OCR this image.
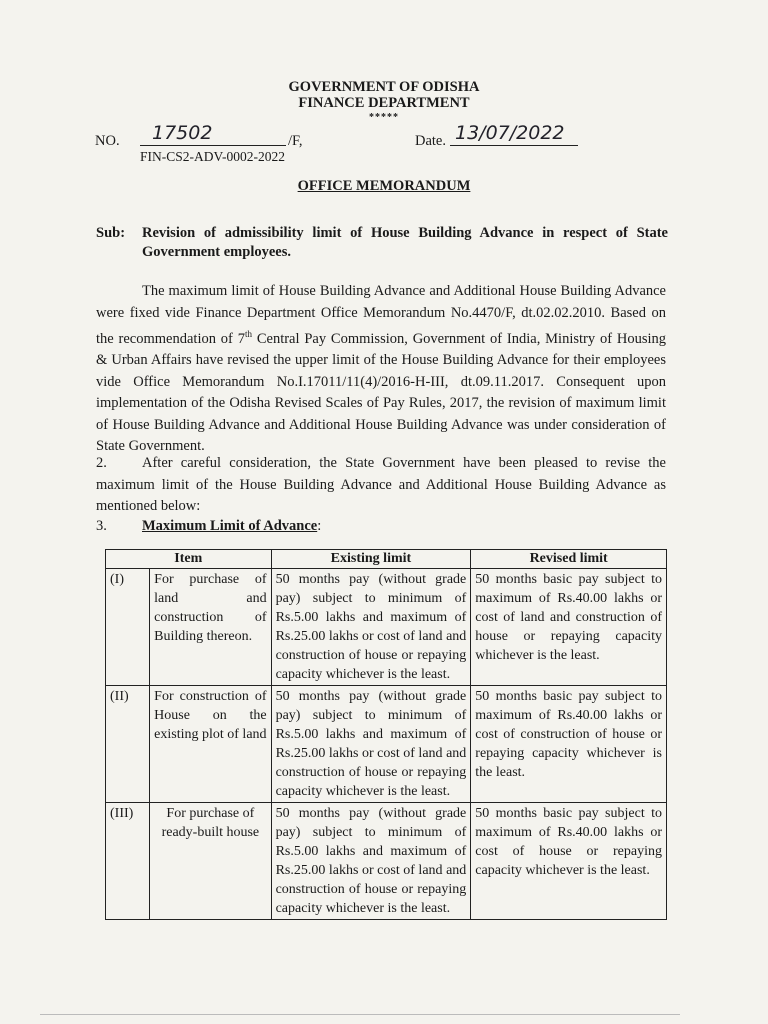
GOVERNMENT OF ODISHA
FINANCE DEPARTMENT
*****
NO. 17502	/F,	Date. 13/07/2022
FIN-CS2-ADV-0002-2022
OFFICE MEMORANDUM
Sub: Revision of admissibility limit of House Building Advance in respect of State Government employees.
The maximum limit of House Building Advance and Additional House Building Advance were fixed vide Finance Department Office Memorandum No.4470/F, dt.02.02.2010. Based on the recommendation of 7th Central Pay Commission, Government of India, Ministry of Housing & Urban Affairs have revised the upper limit of the House Building Advance for their employees vide Office Memorandum No.I.17011/11(4)/2016-H-III, dt.09.11.2017. Consequent upon implementation of the Odisha Revised Scales of Pay Rules, 2017, the revision of maximum limit of House Building Advance and Additional House Building Advance was under consideration of State Government.
2. After careful consideration, the State Government have been pleased to revise the maximum limit of the House Building Advance and Additional House Building Advance as mentioned below:
3. Maximum Limit of Advance:
Item		Existing limit	Revised limit
(I)	For purchase of land and construction of Building thereon.	50 months pay (without grade pay) subject to minimum of Rs.5.00 lakhs and maximum of Rs.25.00 lakhs or cost of land and construction of house or repaying capacity whichever is the least.	50 months basic pay subject to maximum of Rs.40.00 lakhs or cost of land and construction of house or repaying capacity whichever is the least.
(II)	For construction of House on the existing plot of land	50 months pay (without grade pay) subject to minimum of Rs.5.00 lakhs and maximum of Rs.25.00 lakhs or cost of land and construction of house or repaying capacity whichever is the least.	50 months basic pay subject to maximum of Rs.40.00 lakhs or cost of construction of house or repaying capacity whichever is the least.
(III)	For purchase of ready-built house	50 months pay (without grade pay) subject to minimum of Rs.5.00 lakhs and maximum of Rs.25.00 lakhs or cost of land and construction of house or repaying capacity whichever is the least.	50 months basic pay subject to maximum of Rs.40.00 lakhs or cost of house or repaying capacity whichever is the least.
